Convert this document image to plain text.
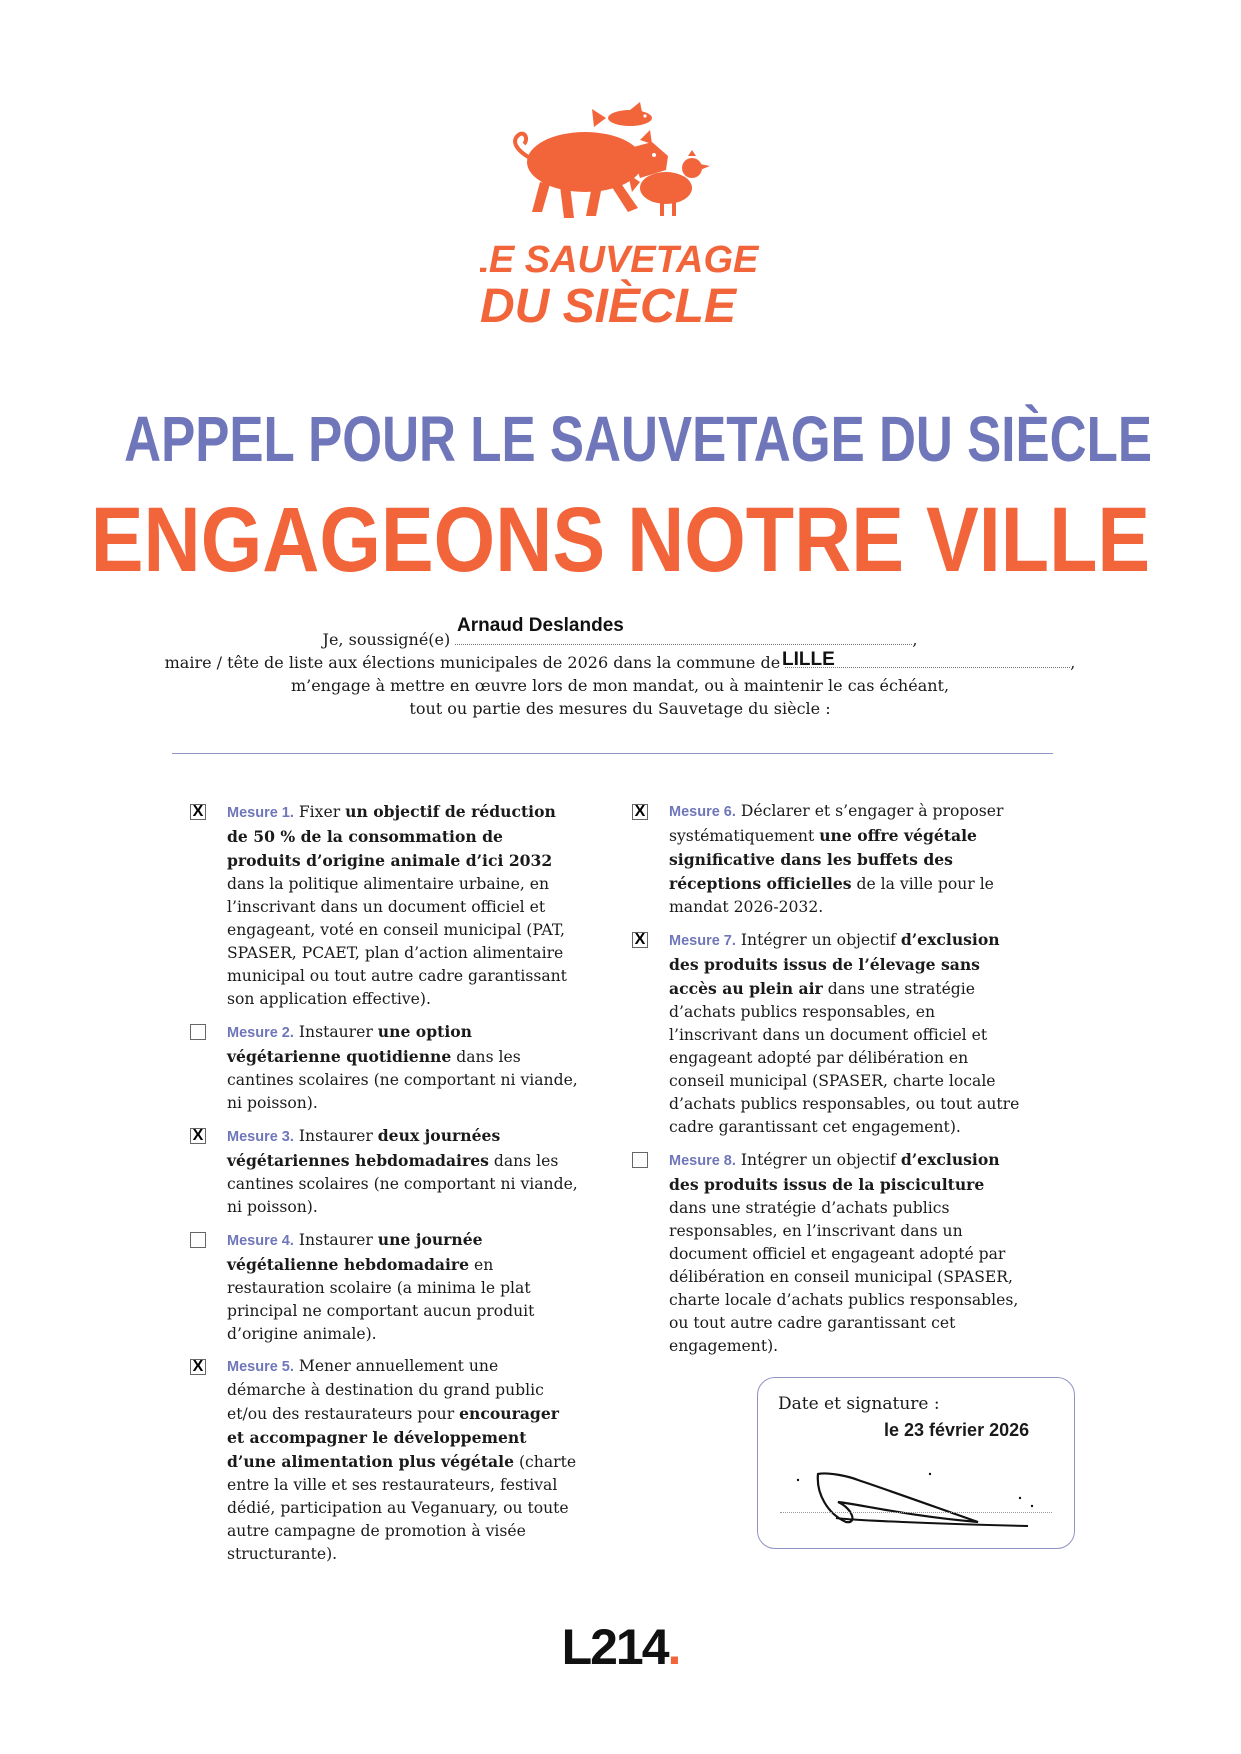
LE SAUVETAGE
DU SIÈCLE
APPEL POUR LE SAUVETAGE DU SIÈCLE
ENGAGEONS NOTRE VILLE
Je, soussigné(e)	,
Arnaud Deslandes
maire / tête de liste aux élections municipales de 2026 dans la commune de	,
LILLE
m’engage à mettre en œuvre lors de mon mandat, ou à maintenir le cas échéant,
tout ou partie des mesures du Sauvetage du siècle :
X Mesure 1. Fixer un objectif de réduction de 50 % de la consommation de produits d’origine animale d’ici 2032 dans la politique alimentaire urbaine, en l’inscrivant dans un document officiel et engageant, voté en conseil municipal (PAT, SPASER, PCAET, plan d’action alimentaire municipal ou tout autre cadre garantissant son application effective).
Mesure 2. Instaurer une option végétarienne quotidienne dans les cantines scolaires (ne comportant ni viande, ni poisson).
X Mesure 3. Instaurer deux journées végétariennes hebdomadaires dans les cantines scolaires (ne comportant ni viande, ni poisson).
Mesure 4. Instaurer une journée végétalienne hebdomadaire en restauration scolaire (a minima le plat principal ne comportant aucun produit d’origine animale).
X Mesure 5. Mener annuellement une démarche à destination du grand public et/ou des restaurateurs pour encourager et accompagner le développement d’une alimentation plus végétale (charte entre la ville et ses restaurateurs, festival dédié, participation au Veganuary, ou toute autre campagne de promotion à visée structurante).
X Mesure 6. Déclarer et s’engager à proposer systématiquement une offre végétale significative dans les buffets des réceptions officielles de la ville pour le mandat 2026-2032.
X Mesure 7. Intégrer un objectif d’exclusion des produits issus de l’élevage sans accès au plein air dans une stratégie d’achats publics responsables, en l’inscrivant dans un document officiel et engageant adopté par délibération en conseil municipal (SPASER, charte locale d’achats publics responsables, ou tout autre cadre garantissant cet engagement).
Mesure 8. Intégrer un objectif d’exclusion des produits issus de la pisciculture dans une stratégie d’achats publics responsables, en l’inscrivant dans un document officiel et engageant adopté par délibération en conseil municipal (SPASER, charte locale d’achats publics responsables, ou tout autre cadre garantissant cet engagement).
Date et signature :
le 23 février 2026
L214.
